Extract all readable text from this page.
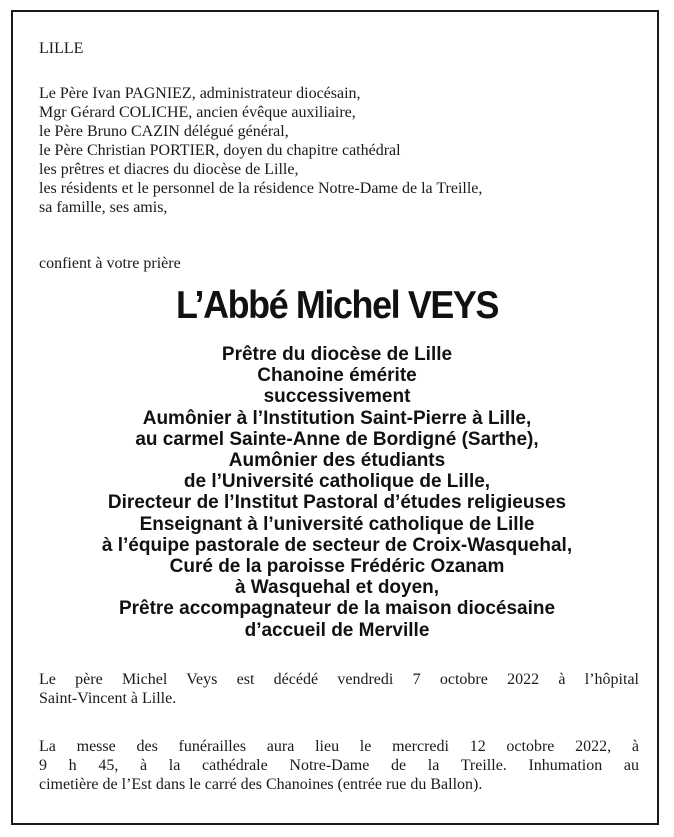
LILLE
Le Père Ivan PAGNIEZ, administrateur diocésain,
Mgr Gérard COLICHE, ancien évêque auxiliaire,
le Père Bruno CAZIN délégué général,
le Père Christian PORTIER, doyen du chapitre cathédral
les prêtres et diacres du diocèse de Lille,
les résidents et le personnel de la résidence Notre-Dame de la Treille,
sa famille, ses amis,
confient à votre prière
L’Abbé Michel VEYS
Prêtre du diocèse de Lille
Chanoine émérite
successivement
Aumônier à l’Institution Saint-Pierre à Lille,
au carmel Sainte-Anne de Bordigné (Sarthe),
Aumônier des étudiants
de l’Université catholique de Lille,
Directeur de l’Institut Pastoral d’études religieuses
Enseignant à l’université catholique de Lille
à l’équipe pastorale de secteur de Croix-Wasquehal,
Curé de la paroisse Frédéric Ozanam
à Wasquehal et doyen,
Prêtre accompagnateur de la maison diocésaine
d’accueil de Merville
Le père Michel Veys est décédé vendredi 7 octobre 2022 à l’hôpital
Saint-Vincent à Lille.
La messe des funérailles aura lieu le mercredi 12 octobre 2022, à
9 h 45, à la cathédrale Notre-Dame de la Treille. Inhumation au
cimetière de l’Est dans le carré des Chanoines (entrée rue du Ballon).
